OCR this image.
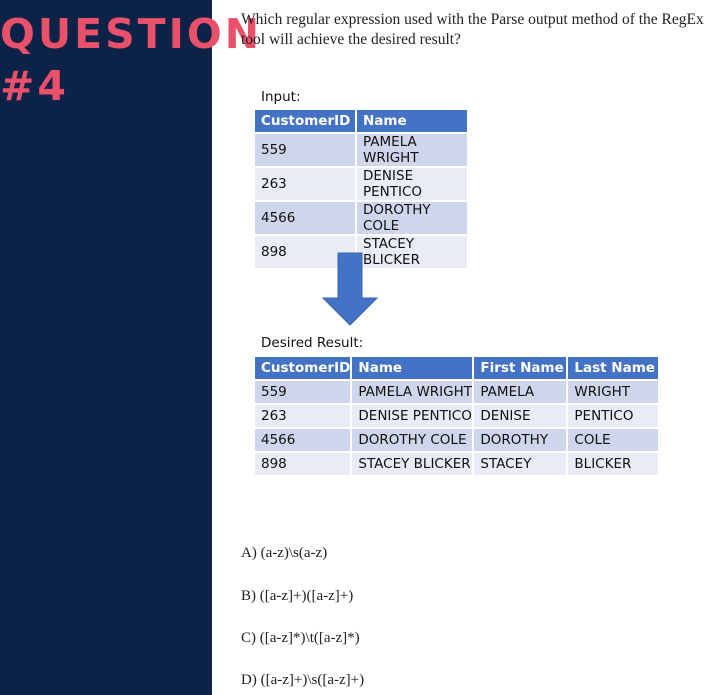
QUESTION
#4
Which regular expression used with the Parse output method of the RegEx tool will achieve the desired result?
Input:
CustomerID	Name
559	PAMELA WRIGHT
263	DENISE PENTICO
4566	DOROTHY COLE
898	STACEY BLICKER
Desired Result:
CustomerID	Name	First Name	Last Name
559	PAMELA WRIGHT	PAMELA	WRIGHT
263	DENISE PENTICO	DENISE	PENTICO
4566	DOROTHY COLE	DOROTHY	COLE
898	STACEY BLICKER	STACEY	BLICKER
A) (a-z)\s(a-z)
B) ([a-z]+)([a-z]+)
C) ([a-z]*)\t([a-z]*)
D) ([a-z]+)\s([a-z]+)
